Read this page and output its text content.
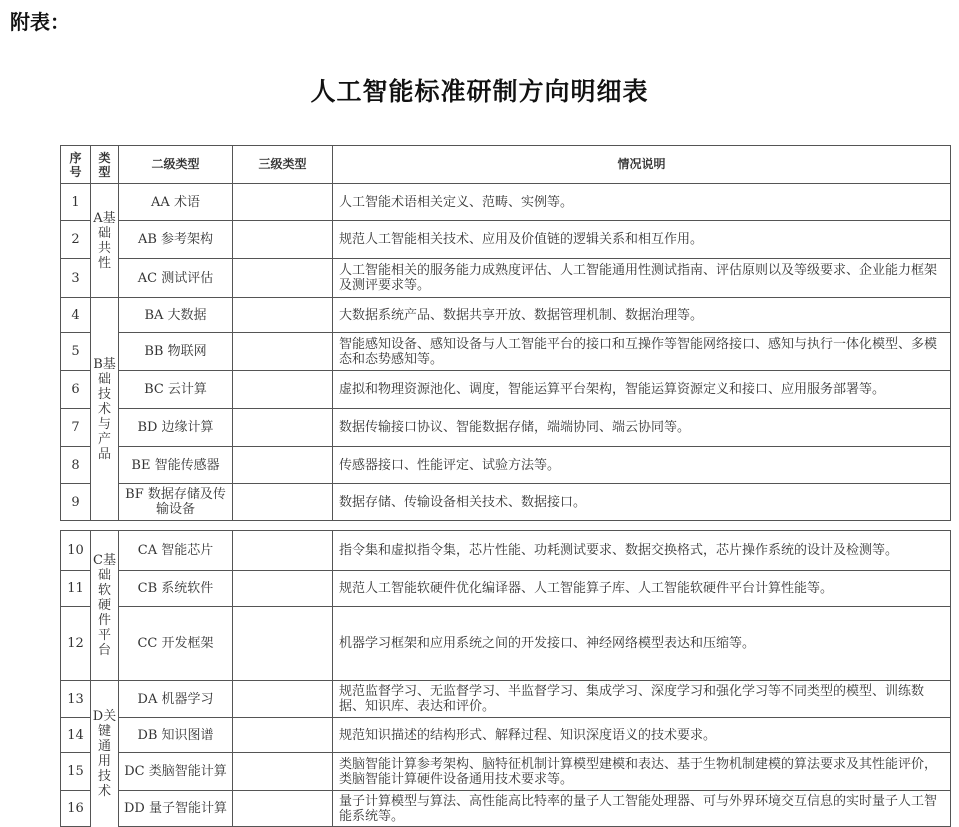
附表：
人工智能标准研制方向明细表
序号	类型	二级类型	三级类型	情况说明
1	A基础共性	AA 术语		人工智能术语相关定义、范畴、实例等。
2		AB 参考架构		规范人工智能相关技术、应用及价值链的逻辑关系和相互作用。
3		AC 测试评估		人工智能相关的服务能力成熟度评估、人工智能通用性测试指南、评估原则以及等级要求、企业能力框架及测评要求等。
4	B基础技术与产品	BA 大数据		大数据系统产品、数据共享开放、数据管理机制、数据治理等。
5		BB 物联网		智能感知设备、感知设备与人工智能平台的接口和互操作等智能网络接口、感知与执行一体化模型、多模态和态势感知等。
6		BC 云计算		虚拟和物理资源池化、调度，智能运算平台架构，智能运算资源定义和接口、应用服务部署等。
7		BD 边缘计算		数据传输接口协议、智能数据存储，端端协同、端云协同等。
8		BE 智能传感器		传感器接口、性能评定、试验方法等。
9		BF 数据存储及传输设备		数据存储、传输设备相关技术、数据接口。
10	C基础软硬件平台	CA 智能芯片		指令集和虚拟指令集，芯片性能、功耗测试要求、数据交换格式，芯片操作系统的设计及检测等。
11		CB 系统软件		规范人工智能软硬件优化编译器、人工智能算子库、人工智能软硬件平台计算性能等。
12		CC 开发框架		机器学习框架和应用系统之间的开发接口、神经网络模型表达和压缩等。
13	D关键通用技术	DA 机器学习		规范监督学习、无监督学习、半监督学习、集成学习、深度学习和强化学习等不同类型的模型、训练数据、知识库、表达和评价。
14		DB 知识图谱		规范知识描述的结构形式、解释过程、知识深度语义的技术要求。
15		DC 类脑智能计算		类脑智能计算参考架构、脑特征机制计算模型建模和表达、基于生物机制建模的算法要求及其性能评价，类脑智能计算硬件设备通用技术要求等。
16		DD 量子智能计算		量子计算模型与算法、高性能高比特率的量子人工智能处理器、可与外界环境交互信息的实时量子人工智能系统等。
